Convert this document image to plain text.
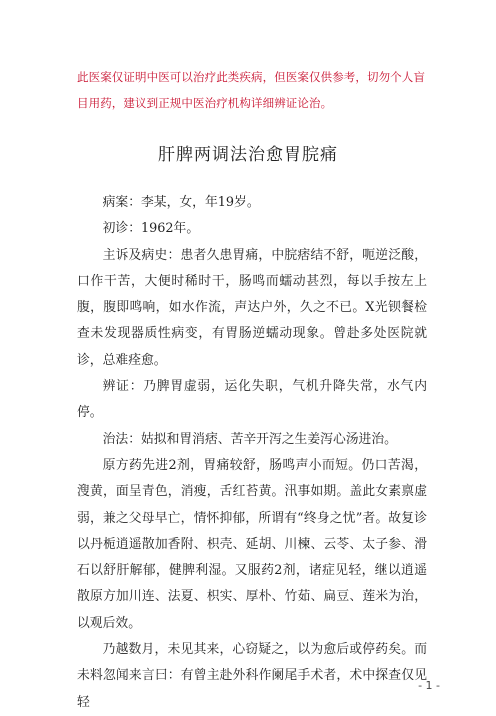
此医案仅证明中医可以治疗此类疾病，但医案仅供参考，切勿个人盲目用药，建议到正规中医治疗机构详细辨证论治。
肝脾两调法治愈胃脘痛

病案：李某，女，年19岁。

初诊：1962年。

主诉及病史：患者久患胃痛，中脘痞结不舒，呃逆泛酸，口作干苦，大便时稀时干，肠鸣而蠕动甚烈，每以手按左上腹，腹即鸣响，如水作流，声达户外，久之不已。X光钡餐检查未发现器质性病变，有胃肠逆蠕动现象。曾赴多处医院就诊，总难痊愈。

辨证：乃脾胃虚弱，运化失职，气机升降失常，水气内停。

治法：姑拟和胃消痞、苦辛开泻之生姜泻心汤进治。

原方药先进2剂，胃痛较舒，肠鸣声小而短。仍口苦渴，溲黄，面呈青色，消瘦，舌红苔黄。汛事如期。盖此女素禀虚弱，兼之父母早亡，情怀抑郁，所谓有“终身之忧”者。故复诊以丹栀逍遥散加香附、枳壳、延胡、川楝、云苓、太子参、滑石以舒肝解郁，健脾利湿。又服药2剂，诸症见轻，继以逍遥散原方加川连、法夏、枳实、厚朴、竹茹、扁豆、莲米为治，以观后效。

乃越数月，未见其来，心窃疑之，以为愈后或停药矣。而未料忽闻来言曰：有曾主赴外科作阑尾手术者，术中探查仅见轻

- 1 -
